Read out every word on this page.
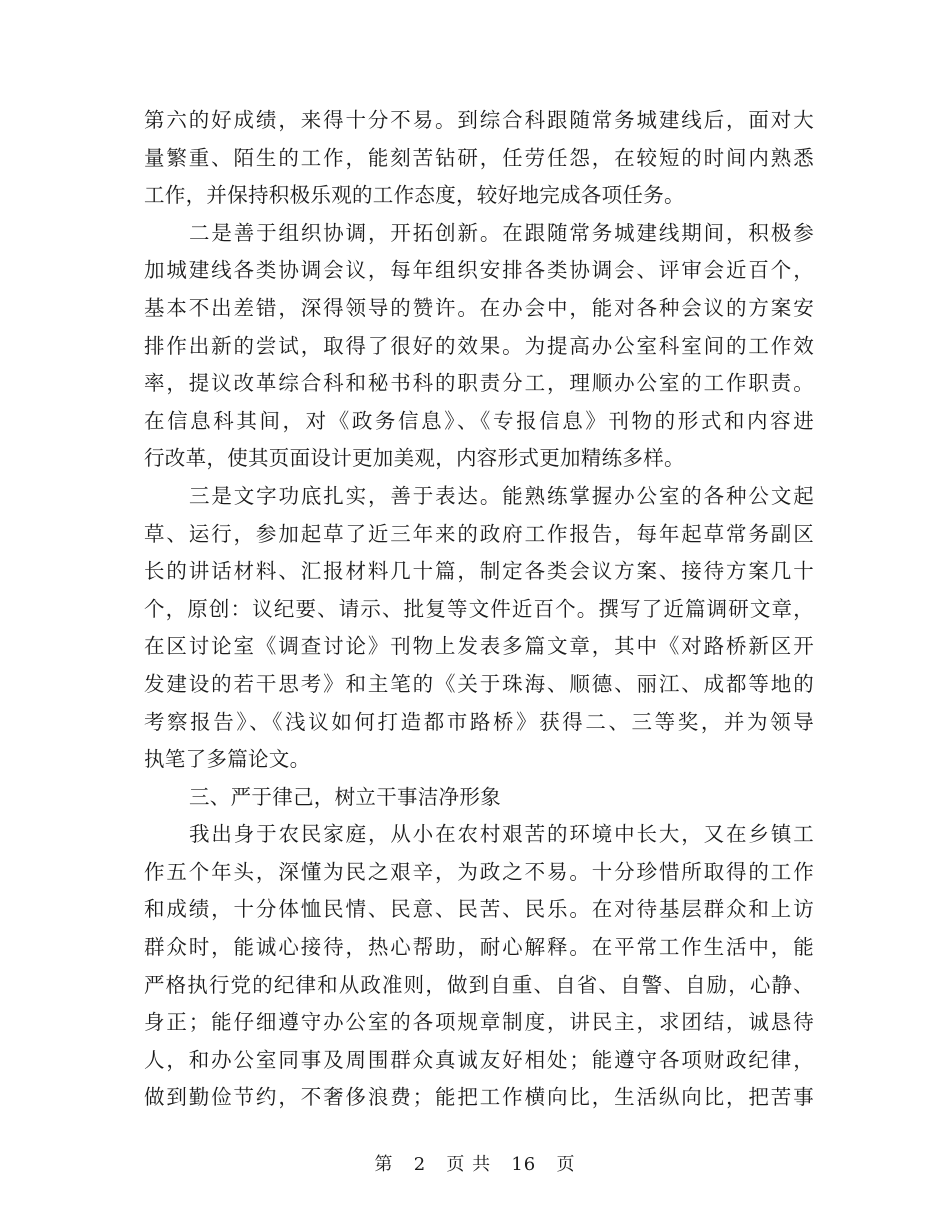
第六的好成绩，来得十分不易。到综合科跟随常务城建线后，面对大
量繁重、陌生的工作，能刻苦钻研，任劳任怨，在较短的时间内熟悉
工作，并保持积极乐观的工作态度，较好地完成各项任务。
二是善于组织协调，开拓创新。在跟随常务城建线期间，积极参
加城建线各类协调会议，每年组织安排各类协调会、评审会近百个，
基本不出差错，深得领导的赞许。在办会中，能对各种会议的方案安
排作出新的尝试，取得了很好的效果。为提高办公室科室间的工作效
率，提议改革综合科和秘书科的职责分工，理顺办公室的工作职责。
在信息科其间，对《政务信息》、《专报信息》刊物的形式和内容进
行改革，使其页面设计更加美观，内容形式更加精练多样。
三是文字功底扎实，善于表达。能熟练掌握办公室的各种公文起
草、运行，参加起草了近三年来的政府工作报告，每年起草常务副区
长的讲话材料、汇报材料几十篇，制定各类会议方案、接待方案几十
个，原创：议纪要、请示、批复等文件近百个。撰写了近篇调研文章，
在区讨论室《调查讨论》刊物上发表多篇文章，其中《对路桥新区开
发建设的若干思考》和主笔的《关于珠海、顺德、丽江、成都等地的
考察报告》、《浅议如何打造都市路桥》获得二、三等奖，并为领导
执笔了多篇论文。
三、严于律己，树立干事洁净形象
我出身于农民家庭，从小在农村艰苦的环境中长大，又在乡镇工
作五个年头，深懂为民之艰辛，为政之不易。十分珍惜所取得的工作
和成绩，十分体恤民情、民意、民苦、民乐。在对待基层群众和上访
群众时，能诚心接待，热心帮助，耐心解释。在平常工作生活中，能
严格执行党的纪律和从政准则，做到自重、自省、自警、自励，心静、
身正；能仔细遵守办公室的各项规章制度，讲民主，求团结，诚恳待
人，和办公室同事及周围群众真诚友好相处；能遵守各项财政纪律，
做到勤俭节约，不奢侈浪费；能把工作横向比，生活纵向比，把苦事
第 2 页 共 16 页
